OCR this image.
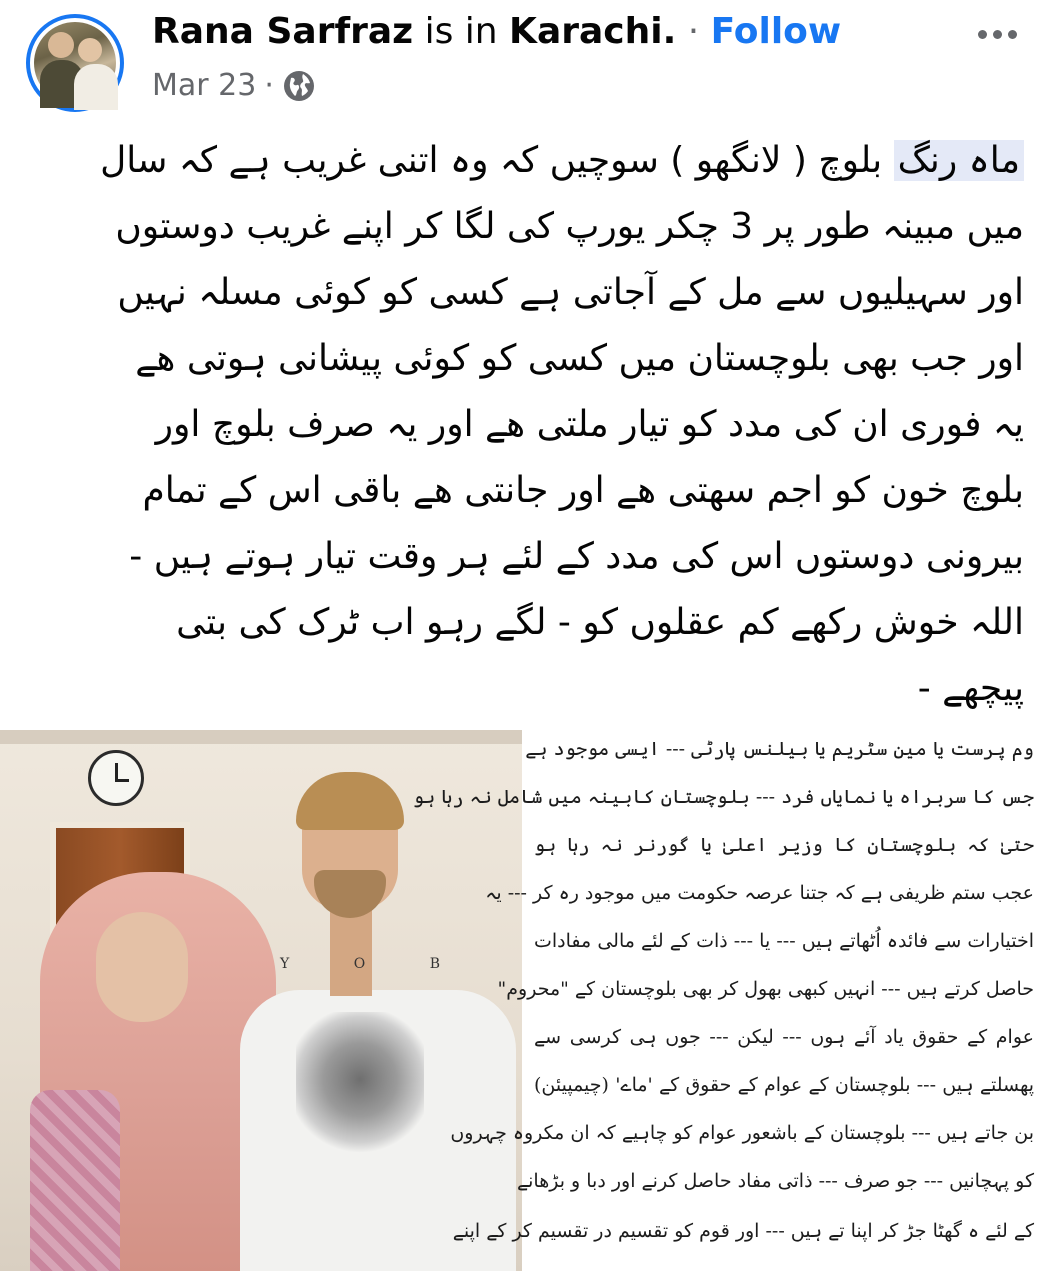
Rana Sarfraz is in Karachi. · Follow
Mar 23 ·
ماہ رنگ بلوچ ( لانگھو ) سوچیں کہ وہ اتنی غریب ہے کہ سال
میں مبینہ طور پر 3 چکر یورپ کی لگا کر اپنے غریب دوستوں
اور سہیلیوں سے مل کے آجاتی ہے کسی کو کوئی مسلہ نہیں
اور جب بھی بلوچستان میں کسی کو کوئی پیشانی ہوتی ھے
یہ فوری ان کی مدد کو تیار ملتی ھے اور یہ صرف بلوچ اور
بلوچ خون کو اجم سھتی ھے اور جانتی ھے باقی اس کے تمام
بیرونی دوستوں اس کی مدد کے لئے ہر وقت تیار ہوتے ہیں -
اللہ خوش رکھے کم عقلوں کو - لگے رہو اب ٹرک کی بتی
پیچھے -
Y	O	B
وم پرست یا مین سٹریم یا بیلنس پارٹی --- ایسی موجود ہے
جس کا سربراہ یا نمایاں فرد --- بلوچستان کابینہ میں شامل نہ رہا ہو
حتیٰ کہ بلوچستان کا وزیر اعلیٰ یا گورنر نہ رہا ہو
عجب ستم ظریفی ہے کہ جتنا عرصہ حکومت میں موجود رہ کر --- یہ
اختیارات سے فائدہ اُٹھاتے ہیں --- یا --- ذات کے لئے مالی مفادات
حاصل کرتے ہیں --- انہیں کبھی بھول کر بھی بلوچستان کے "محروم"
عوام کے حقوق یاد آئے ہوں --- لیکن --- جوں ہی کرسی سے
پھسلتے ہیں --- بلوچستان کے عوام کے حقوق کے 'ماے' (چیمپیئن)
بن جاتے ہیں --- بلوچستان کے باشعور عوام کو چاہیے کہ ان مکروہ چہروں
کو پہچانیں --- جو صرف --- ذاتی مفاد حاصل کرنے اور دبا و بڑھانے
کے لئے ہ گھٹا جڑ کر اپنا تے ہیں --- اور قوم کو تقسیم در تقسیم کر کے اپنے
